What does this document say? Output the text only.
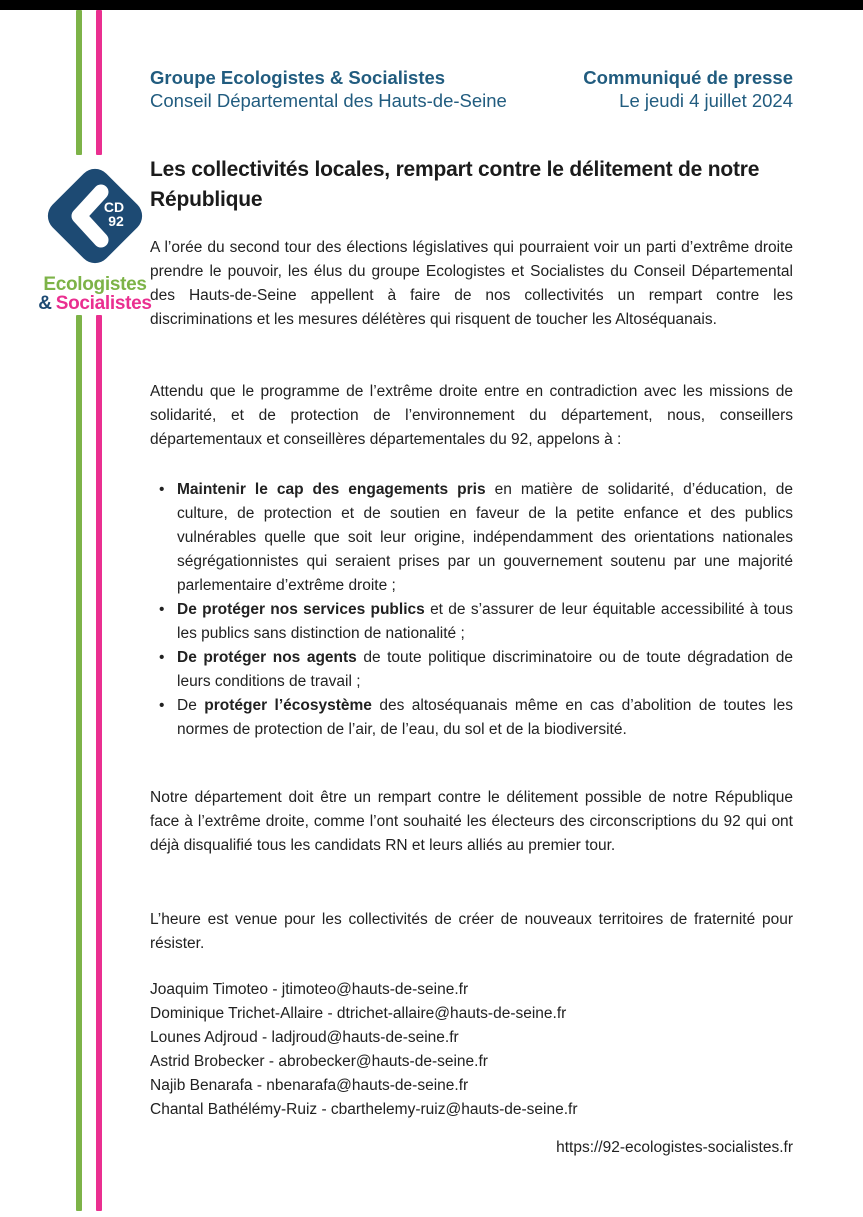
CD
92
Ecologistes
& Socialistes
Groupe Ecologistes & Socialistes
Conseil Départemental des Hauts-de-Seine
Communiqué de presse
Le jeudi 4 juillet 2024
Les collectivités locales, rempart contre le délitement de notre République

A l’orée du second tour des élections législatives qui pourraient voir un parti d’extrême droite prendre le pouvoir, les élus du groupe Ecologistes et Socialistes du Conseil Départemental des Hauts-de-Seine appellent à faire de nos collectivités un rempart contre les discriminations et les mesures délétères qui risquent de toucher les Altoséquanais.

Attendu que le programme de l’extrême droite entre en contradiction avec les missions de solidarité, et de protection de l’environnement du département, nous, conseillers départementaux et conseillères départementales du 92, appelons à :

• Maintenir le cap des engagements pris en matière de solidarité, d’éducation, de culture, de protection et de soutien en faveur de la petite enfance et des publics vulnérables quelle que soit leur origine, indépendamment des orientations nationales ségrégationnistes qui seraient prises par un gouvernement soutenu par une majorité parlementaire d’extrême droite ;
• De protéger nos services publics et de s’assurer de leur équitable accessibilité à tous les publics sans distinction de nationalité ;
• De protéger nos agents de toute politique discriminatoire ou de toute dégradation de leurs conditions de travail ;
• De protéger l’écosystème des altoséquanais même en cas d’abolition de toutes les normes de protection de l’air, de l’eau, du sol et de la biodiversité.

Notre département doit être un rempart contre le délitement possible de notre République face à l’extrême droite, comme l’ont souhaité les électeurs des circonscriptions du 92 qui ont déjà disqualifié tous les candidats RN et leurs alliés au premier tour.

L’heure est venue pour les collectivités de créer de nouveaux territoires de fraternité pour résister.

Joaquim Timoteo - jtimoteo@hauts-de-seine.fr
Dominique Trichet-Allaire - dtrichet-allaire@hauts-de-seine.fr
Lounes Adjroud - ladjroud@hauts-de-seine.fr
Astrid Brobecker - abrobecker@hauts-de-seine.fr
Najib Benarafa - nbenarafa@hauts-de-seine.fr
Chantal Bathélémy-Ruiz - cbarthelemy-ruiz@hauts-de-seine.fr
https://92-ecologistes-socialistes.fr
